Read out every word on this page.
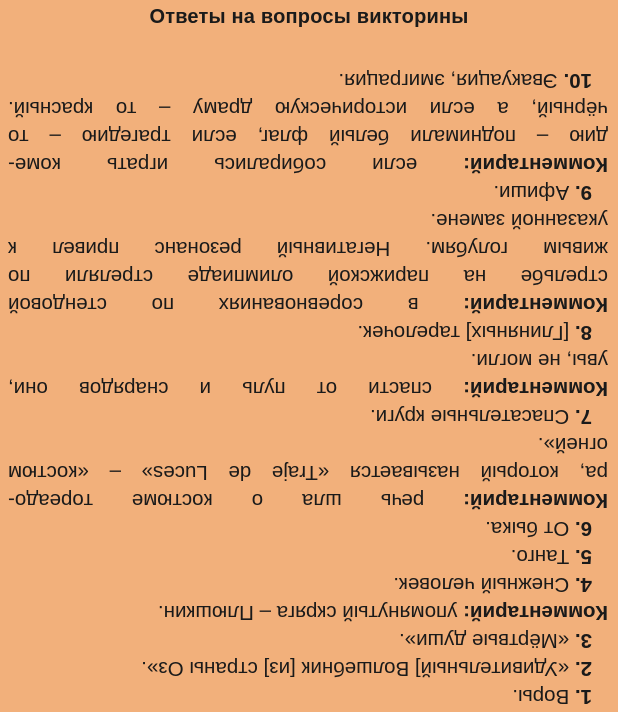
Ответы на вопросы викторины
1. Воры.
2. «Удивительный] Волшебник [из] страны Оз».
3. «Мёртвые души».
Комментарий: упомянутый скряга – Плюшкин.
4. Снежный человек.
5. Танго.
6. От быка.
Комментарий: речь шла о костюме тореадо-
ра, который называется «Traje de Luces» – «костюм
огней».
7. Спасательные круги.
Комментарий: спасти от пуль и снарядов они,
увы, не могли.
8. [Глиняных] тарелочек.
Комментарий: в соревнованиях по стендовой
стрельбе на парижской олимпиаде стреляли по
живым голубям. Негативный резонанс привел к
указанной замене.
9. Афиши.
Комментарий: если собирались играть коме-
дию – поднимали белый флаг, если трагедию – то
чёрный, а если историческую драму – то красный.
10. Эвакуация, эмиграция.
